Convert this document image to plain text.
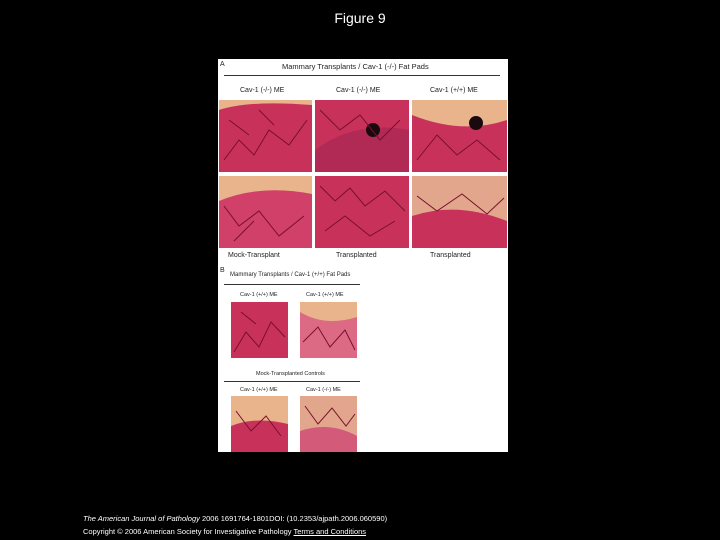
Figure 9
A	Mammary Transplants / Cav-1 (-/-) Fat Pads
Cav-1 (-/-) ME	Cav-1 (-/-) ME	Cav-1 (+/+) ME
Mock-Transplant	Transplanted	Transplanted
B
Mammary Transplants / Cav-1 (+/+) Fat Pads
Cav-1 (+/+) ME	Cav-1 (+/+) ME
Mock-Transplanted Controls
Cav-1 (+/+) ME	Cav-1 (-/-) ME
The American Journal of Pathology 2006 1691764-1801DOI: (10.2353/ajpath.2006.060590)
Copyright © 2006 American Society for Investigative Pathology Terms and Conditions
